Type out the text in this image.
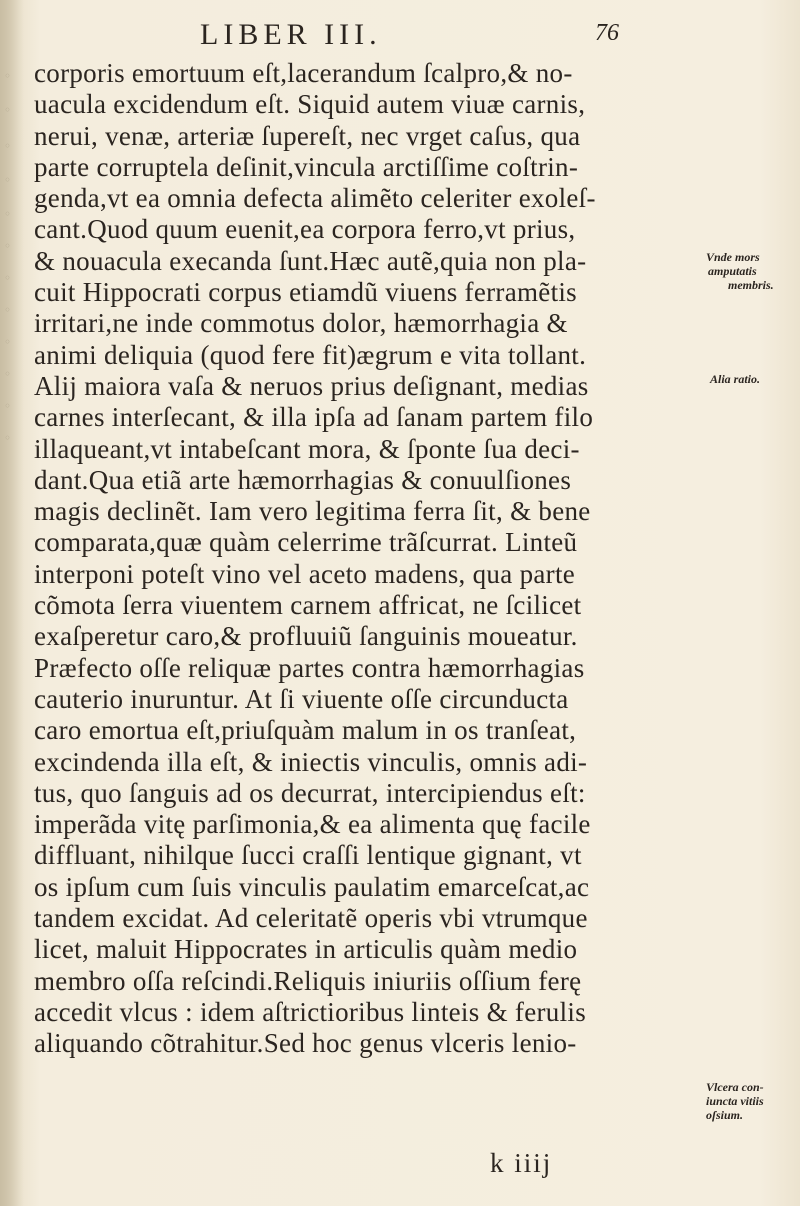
◦
◦
◦
◦
◦
◦
◦
◦
◦
◦
◦
◦
LIBER III.	76
corporis emortuum eſt,lacerandum ſcalpro,& no-
uacula excidendum eſt. Siquid autem viuæ carnis,
nerui, venæ, arteriæ ſupereſt, nec vrget caſus, qua
parte corruptela deſinit,vincula arctiſſime coſtrin-
genda,vt ea omnia defecta alimẽto celeriter exoleſ-
cant.Quod quum euenit,ea corpora ferro,vt prius,
& nouacula execanda ſunt.Hæc autẽ,quia non pla-
cuit Hippocrati corpus etiamdũ viuens ferramẽtis
irritari,ne inde commotus dolor, hæmorrhagia &
animi deliquia (quod fere fit)ægrum e vita tollant.
Alij maiora vaſa & neruos prius deſignant, medias
carnes interſecant, & illa ipſa ad ſanam partem filo
illaqueant,vt intabeſcant mora, & ſponte ſua deci-
dant.Qua etiã arte hæmorrhagias & conuulſiones
magis declinẽt. Iam vero legitima ferra ſit, & bene
comparata,quæ quàm celerrime trãſcurrat. Linteũ
interponi poteſt vino vel aceto madens, qua parte
cõmota ſerra viuentem carnem affricat, ne ſcilicet
exaſperetur caro,& profluuiũ ſanguinis moueatur.
Præfecto oſſe reliquæ partes contra hæmorrhagias
cauterio inuruntur. At ſi viuente oſſe circunducta
caro emortua eſt,priuſquàm malum in os tranſeat,
excindenda illa eſt, & iniectis vinculis, omnis adi-
tus, quo ſanguis ad os decurrat, intercipiendus eſt:
imperãda vitę parſimonia,& ea alimenta quę facile
diffluant, nihilque ſucci craſſi lentique gignant, vt
os ipſum cum ſuis vinculis paulatim emarceſcat,ac
tandem excidat. Ad celeritatẽ operis vbi vtrumque
licet, maluit Hippocrates in articulis quàm medio
membro oſſa reſcindi.Reliquis iniuriis oſſium ferę
accedit vlcus : idem aſtrictioribus linteis & ferulis
aliquando cõtrahitur.Sed hoc genus vlceris lenio-
Vnde mors
amputatis
membris.
Alia ratio.
Vlcera con-
iuncta vitiis
oſsium.
k iiij
